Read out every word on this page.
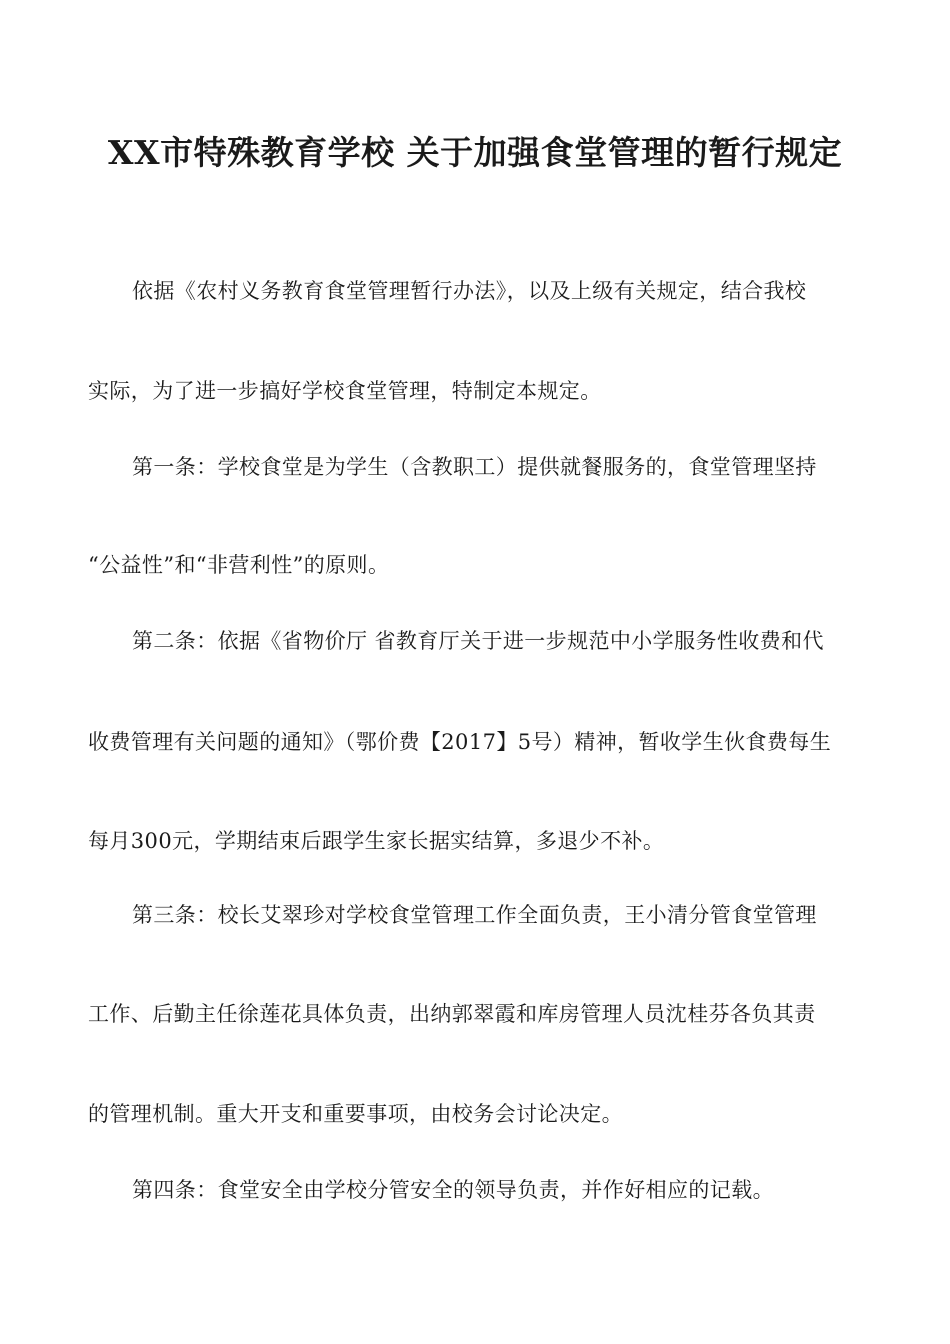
XX市特殊教育学校 关于加强食堂管理的暂行规定
依据《农村义务教育食堂管理暂行办法》，以及上级有关规定，结合我校
实际，为了进一步搞好学校食堂管理，特制定本规定。
第一条：学校食堂是为学生（含教职工）提供就餐服务的，食堂管理坚持
“公益性”和“非营利性”的原则。
第二条：依据《省物价厅 省教育厅关于进一步规范中小学服务性收费和代
收费管理有关问题的通知》（鄂价费【2017】5号）精神，暂收学生伙食费每生
每月300元，学期结束后跟学生家长据实结算，多退少不补。
第三条：校长艾翠珍对学校食堂管理工作全面负责，王小清分管食堂管理
工作、后勤主任徐莲花具体负责，出纳郭翠霞和库房管理人员沈桂芬各负其责
的管理机制。重大开支和重要事项，由校务会讨论决定。
第四条：食堂安全由学校分管安全的领导负责，并作好相应的记载。
